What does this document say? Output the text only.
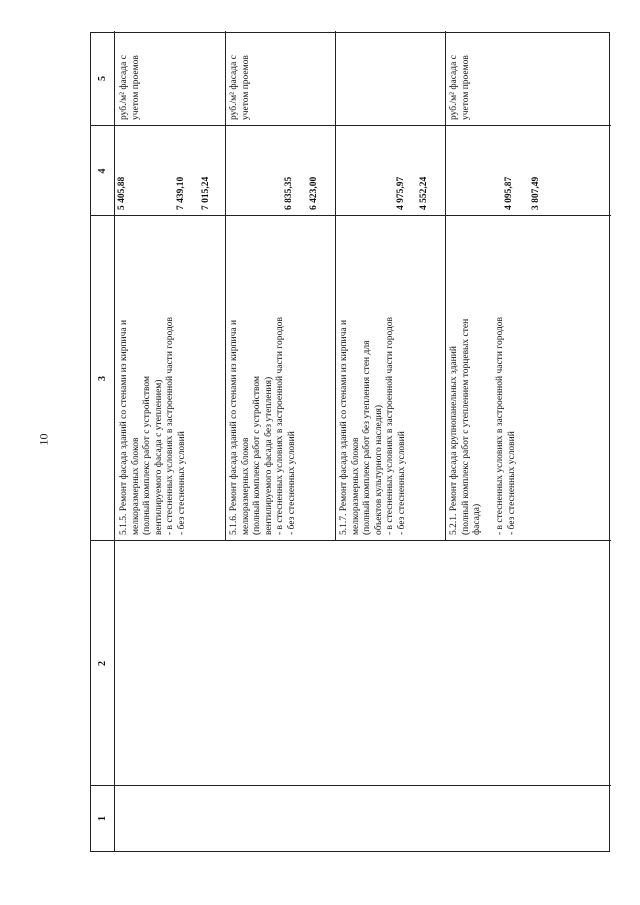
10
1
2
3
4
5
5 405,88
5.1.5. Ремонт фасада зданий со стенами из кирпича и мелкоразмерных блоков (полный комплекс работ с устройством вентилируемого фасада с утеплением) - в стесненных условиях в застроенной части городов - без стесненных условий
7 439,10 7 015,24
руб./м² фасада с учетом проемов
5.1.6. Ремонт фасада зданий со стенами из кирпича и мелкоразмерных блоков (полный комплекс работ с устройством вентилируемого фасада без утепления) - в стесненных условиях в застроенной части городов - без стесненных условий
6 835,35 6 423,00
руб./м² фасада с учетом проемов
5.1.7. Ремонт фасада зданий со стенами из кирпича и мелкоразмерных блоков (полный комплекс работ без утепления стен для объектов культурного наследия) - в стесненных условиях в застроенной части городов - без стесненных условий
4 975,97 4 552,24
5.2.1. Ремонт фасада крупнопанельных зданий (полный комплекс работ с утеплением торцевых стен фасада) - в стесненных условиях в застроенной части городов - без стесненных условий
4 095,87 3 807,49
руб./м² фасада с учетом проемов
